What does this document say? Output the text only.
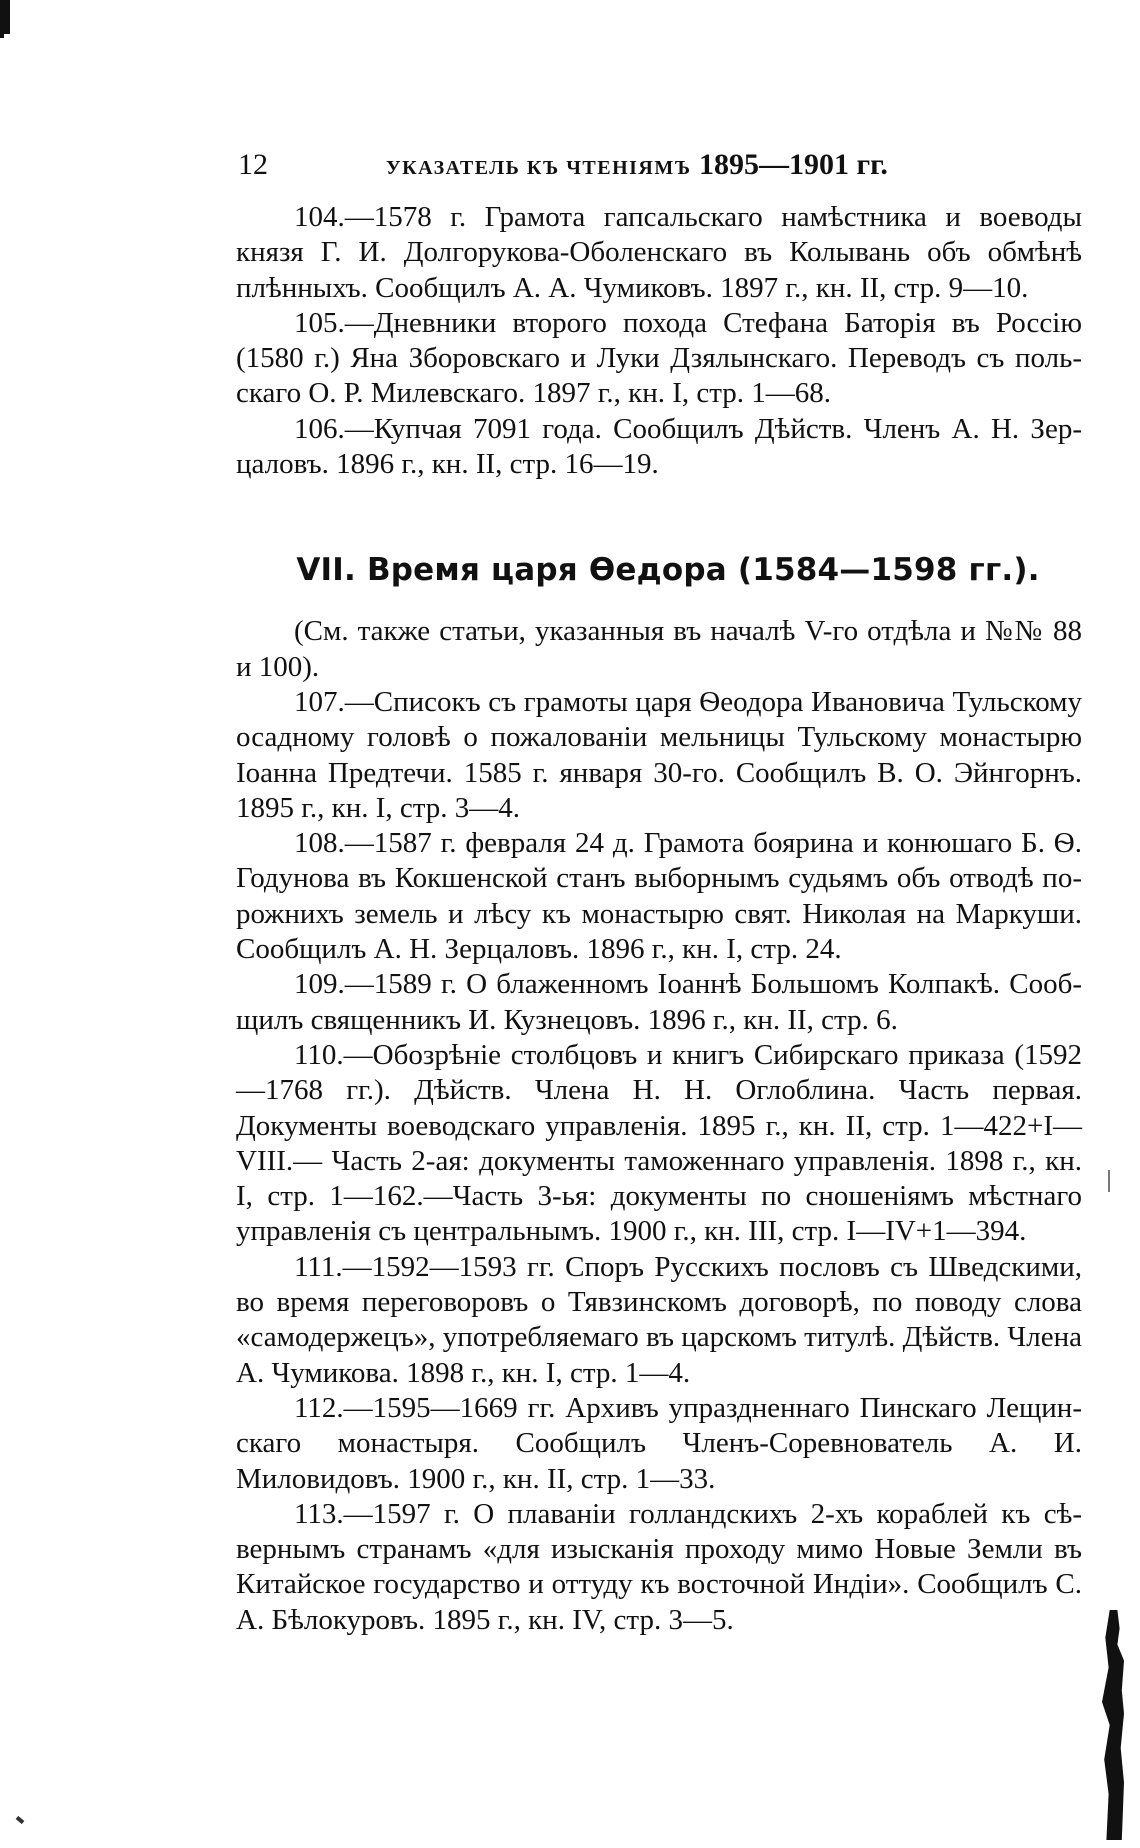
12	УКАЗАТЕЛЬ КЪ ЧТЕНІЯМЪ 1895—1901 гг.

104.—1578 г. Грамота гапсальскаго намѣстника и воеводы князя Г. И. Долгорукова-Оболенскаго въ Колывань объ обмѣнѣ плѣнныхъ. Сообщилъ А. А. Чумиковъ. 1897 г., кн. II, стр. 9—10.

105.—Дневники второго похода Стефана Баторія въ Россію (1580 г.) Яна Зборовскаго и Луки Дзялынскаго. Переводъ съ польскаго О. Р. Милевскаго. 1897 г., кн. I, стр. 1—68.

106.—Купчая 7091 года. Сообщилъ Дѣйств. Членъ А. Н. Зерцаловъ. 1896 г., кн. II, стр. 16—19.

VII. Время царя Ѳедора (1584—1598 гг.).

(См. также статьи, указанныя въ началѣ V-го отдѣла и №№ 88 и 100).

107.—Списокъ съ грамоты царя Ѳеодора Ивановича Тульскому осадному головѣ о пожалованіи мельницы Тульскому монастырю Іоанна Предтечи. 1585 г. января 30-го. Сообщилъ В. О. Эйнгорнъ. 1895 г., кн. I, стр. 3—4.

108.—1587 г. февраля 24 д. Грамота боярина и конюшаго Б. Ѳ. Годунова въ Кокшенской станъ выборнымъ судьямъ объ отводѣ порожнихъ земель и лѣсу къ монастырю свят. Николая на Маркуши. Сообщилъ А. Н. Зерцаловъ. 1896 г., кн. I, стр. 24.

109.—1589 г. О блаженномъ Іоаннѣ Большомъ Колпакѣ. Сообщилъ священникъ И. Кузнецовъ. 1896 г., кн. II, стр. 6.

110.—Обозрѣніе столбцовъ и книгъ Сибирскаго приказа (1592—1768 гг.). Дѣйств. Члена Н. Н. Оглоблина. Часть первая. Документы воеводскаго управленія. 1895 г., кн. II, стр. 1—422+I—VIII.— Часть 2-ая: документы таможеннаго управленія. 1898 г., кн. I, стр. 1—162.—Часть 3-ья: документы по сношеніямъ мѣстнаго управленія съ центральнымъ. 1900 г., кн. III, стр. I—IV+1—394.

111.—1592—1593 гг. Споръ Русскихъ пословъ съ Шведскими, во время переговоровъ о Тявзинскомъ договорѣ, по поводу слова «самодержецъ», употребляемаго въ царскомъ титулѣ. Дѣйств. Члена А. Чумикова. 1898 г., кн. I, стр. 1—4.

112.—1595—1669 гг. Архивъ упраздненнаго Пинскаго Лещинскаго монастыря. Сообщилъ Членъ-Соревнователь А. И. Миловидовъ. 1900 г., кн. II, стр. 1—33.

113.—1597 г. О плаваніи голландскихъ 2-хъ кораблей къ сѣвернымъ странамъ «для изысканія проходу мимо Новые Земли въ Китайское государство и оттуду къ восточной Индіи». Сообщилъ С. А. Бѣлокуровъ. 1895 г., кн. IV, стр. 3—5.
